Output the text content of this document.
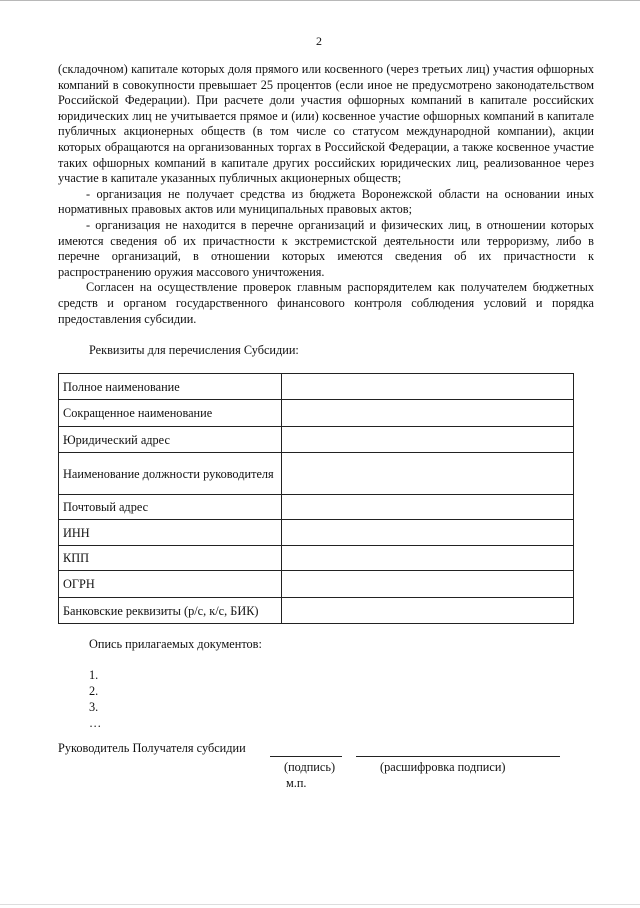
2

(складочном) капитале которых доля прямого или косвенного (через третьих лиц) участия офшорных компаний в совокупности превышает 25 процентов (если иное не предусмотрено законодательством Российской Федерации). При расчете доли участия офшорных компаний в капитале российских юридических лиц не учитывается прямое и (или) косвенное участие офшорных компаний в капитале публичных акционерных обществ (в том числе со статусом международной компании), акции которых обращаются на организованных торгах в Российской Федерации, а также косвенное участие таких офшорных компаний в капитале других российских юридических лиц, реализованное через участие в капитале указанных публичных акционерных обществ;

- организация не получает средства из бюджета Воронежской области на основании иных нормативных правовых актов или муниципальных правовых актов;

- организация не находится в перечне организаций и физических лиц, в отношении которых имеются сведения об их причастности к экстремистской деятельности или терроризму, либо в перечне организаций, в отношении которых имеются сведения об их причастности к распространению оружия массового уничтожения.

Согласен на осуществление проверок главным распорядителем как получателем бюджетных средств и органом государственного финансового контроля соблюдения условий и порядка предоставления субсидии.

Реквизиты для перечисления Субсидии:
Полное наименование	
Сокращенное наименование	
Юридический адрес	
Наименование должности руководителя	
Почтовый адрес	
ИНН	
КПП	
ОГРН	
Банковские реквизиты (р/с, к/с, БИК)	
Опись прилагаемых документов:
1.
2.
3.
…
Руководитель Получателя субсидии
(подпись)	(расшифровка подписи)
м.п.
